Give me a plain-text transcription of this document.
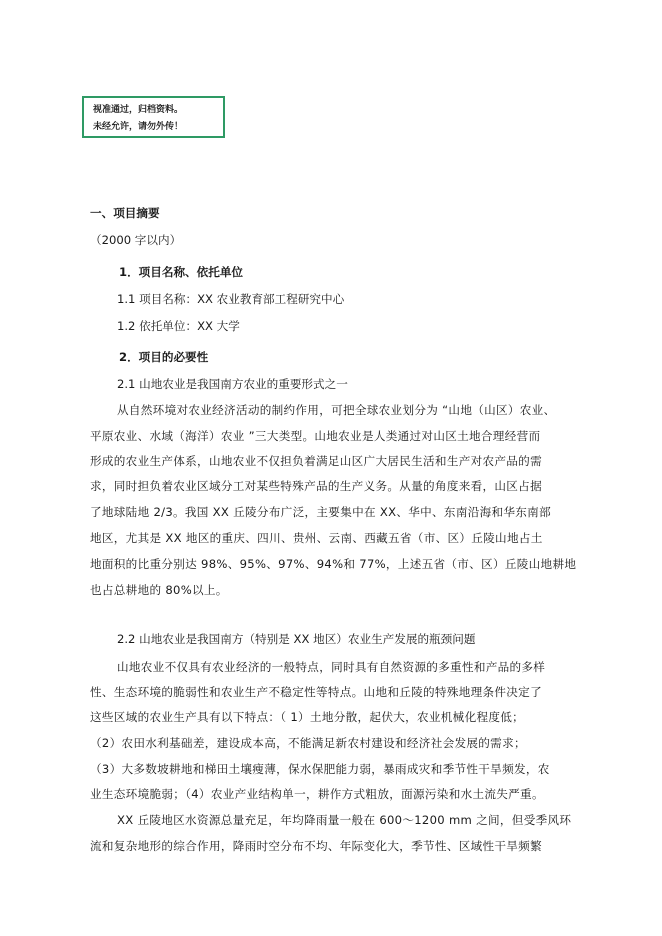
视准通过，归档资料。
未经允许，请勿外传！
一、项目摘要
（2000 字以内）
1．项目名称、依托单位
1.1 项目名称：XX 农业教育部工程研究中心
1.2 依托单位：XX 大学
2．项目的必要性
2.1 山地农业是我国南方农业的重要形式之一
从自然环境对农业经济活动的制约作用，可把全球农业划分为 “山地（山区）农业、
平原农业、水域（海洋）农业 ”三大类型。山地农业是人类通过对山区土地合理经营而
形成的农业生产体系，山地农业不仅担负着满足山区广大居民生活和生产对农产品的需
求，同时担负着农业区域分工对某些特殊产品的生产义务。从量的角度来看，山区占据
了地球陆地 2/3。我国 XX 丘陵分布广泛，主要集中在 XX、华中、东南沿海和华东南部
地区，尤其是 XX 地区的重庆、四川、贵州、云南、西藏五省（市、区）丘陵山地占土
地面积的比重分别达 98%、95%、97%、94%和 77%，上述五省（市、区）丘陵山地耕地
也占总耕地的 80%以上。
2.2 山地农业是我国南方（特别是 XX 地区）农业生产发展的瓶颈问题
山地农业不仅具有农业经济的一般特点，同时具有自然资源的多重性和产品的多样
性、生态环境的脆弱性和农业生产不稳定性等特点。山地和丘陵的特殊地理条件决定了
这些区域的农业生产具有以下特点：（ 1）土地分散，起伏大，农业机械化程度低；
（2）农田水利基础差，建设成本高，不能满足新农村建设和经济社会发展的需求；
（3）大多数坡耕地和梯田土壤瘦薄，保水保肥能力弱，暴雨成灾和季节性干旱频发，农
业生态环境脆弱；（4）农业产业结构单一，耕作方式粗放，面源污染和水土流失严重。
XX 丘陵地区水资源总量充足，年均降雨量一般在 600～1200 mm 之间，但受季风环
流和复杂地形的综合作用，降雨时空分布不均、年际变化大，季节性、区域性干旱频繁
